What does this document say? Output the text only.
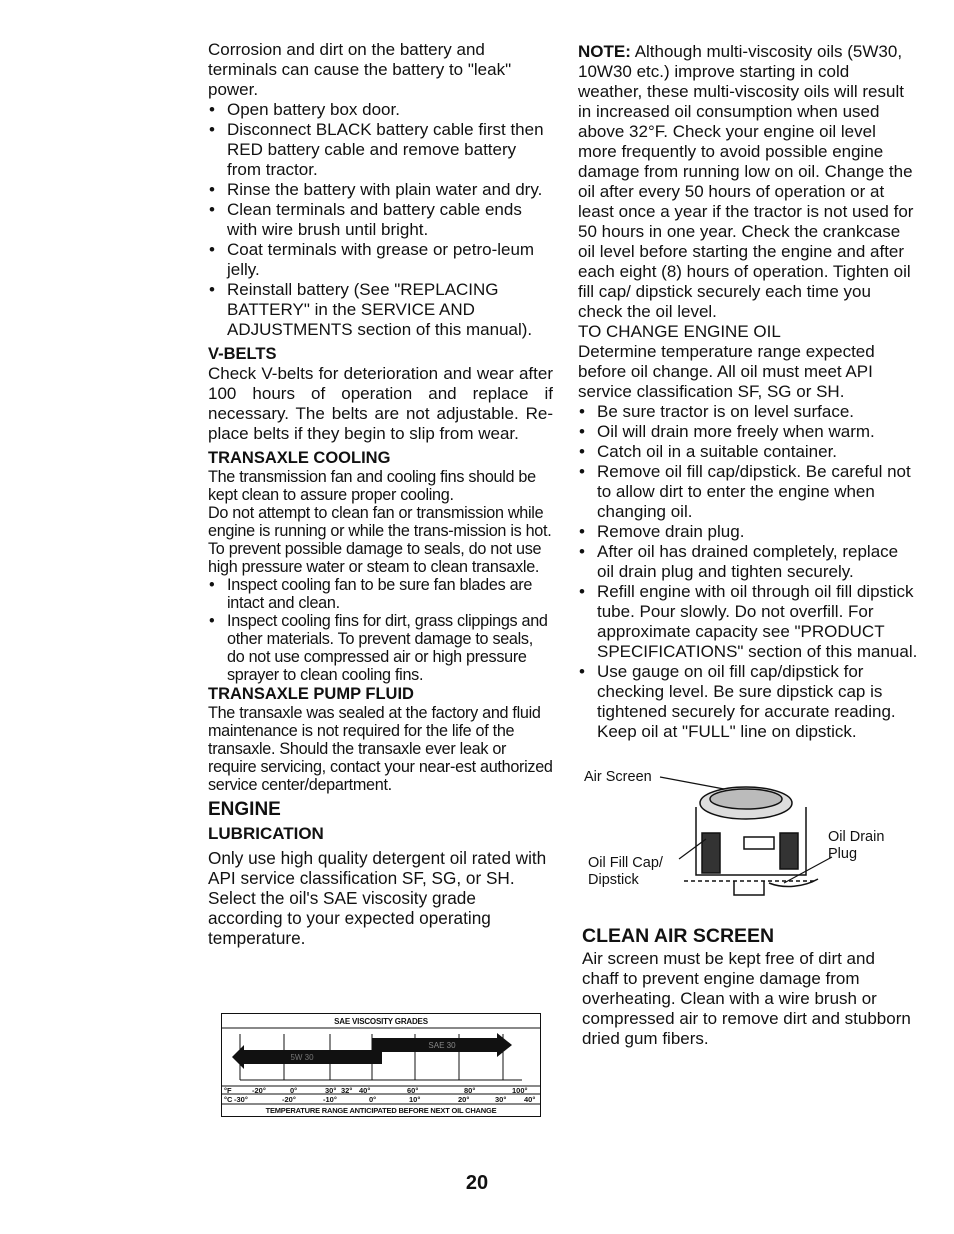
Corrosion and dirt on the battery and terminals can cause the battery to "leak" power.

• Open battery box door.
• Disconnect BLACK battery cable first then RED battery cable and remove battery from tractor.
• Rinse the battery with plain water and dry.
• Clean terminals and battery cable ends with wire brush until bright.
• Coat terminals with grease or petro-leum jelly.
• Reinstall battery (See "REPLACING BATTERY" in the SERVICE AND ADJUSTMENTS section of this manual).
V-BELTS

Check V-belts for deterioration and wear after 100 hours of operation and replace if necessary. The belts are not adjustable. Re-place belts if they begin to slip from wear.

TRANSAXLE COOLING

The transmission fan and cooling fins should be kept clean to assure proper cooling.

Do not attempt to clean fan or transmission while engine is running or while the trans-mission is hot. To prevent possible damage to seals, do not use high pressure water or steam to clean transaxle.

• Inspect cooling fan to be sure fan blades are intact and clean.
• Inspect cooling fins for dirt, grass clippings and other materials. To prevent damage to seals, do not use compressed air or high pressure sprayer to clean cooling fins.
TRANSAXLE PUMP FLUID

The transaxle was sealed at the factory and fluid maintenance is not required for the life of the transaxle. Should the transaxle ever leak or require servicing, contact your near-est authorized service center/department.

ENGINE
LUBRICATION

Only use high quality detergent oil rated with API service classification SF, SG, or SH. Select the oil's SAE viscosity grade according to your expected operating temperature.

SAE VISCOSITY GRADES
5W 30
SAE 30
°F	-20°	0°	30° 32° 40°	60°	80°	100°
°C -30°	-20°	-10°	0°	10°	20°	30° 40°
TEMPERATURE RANGE ANTICIPATED BEFORE NEXT OIL CHANGE

NOTE: Although multi-viscosity oils (5W30, 10W30 etc.) improve starting in cold weather, these multi-viscosity oils will result in increased oil consumption when used above 32°F. Check your engine oil level more frequently to avoid possible engine damage from running low on oil. Change the oil after every 50 hours of operation or at least once a year if the tractor is not used for 50 hours in one year. Check the crankcase oil level before starting the engine and after each eight (8) hours of operation. Tighten oil fill cap/ dipstick securely each time you check the oil level.

TO CHANGE ENGINE OIL

Determine temperature range expected before oil change. All oil must meet API service classification SF, SG or SH.

• Be sure tractor is on level surface.
• Oil will drain more freely when warm.
• Catch oil in a suitable container.
• Remove oil fill cap/dipstick. Be careful not to allow dirt to enter the engine when changing oil.
• Remove drain plug.
• After oil has drained completely, replace oil drain plug and tighten securely.
• Refill engine with oil through oil fill dipstick tube. Pour slowly. Do not overfill. For approximate capacity see "PRODUCT SPECIFICATIONS" section of this manual.
• Use gauge on oil fill cap/dipstick for checking level. Be sure dipstick cap is tightened securely for accurate reading. Keep oil at "FULL" line on dipstick.
Air Screen
Oil Fill Cap/
Dipstick
Oil Drain
Plug
CLEAN AIR SCREEN

Air screen must be kept free of dirt and chaff to prevent engine damage from overheating. Clean with a wire brush or compressed air to remove dirt and stubborn dried gum fibers.

20
